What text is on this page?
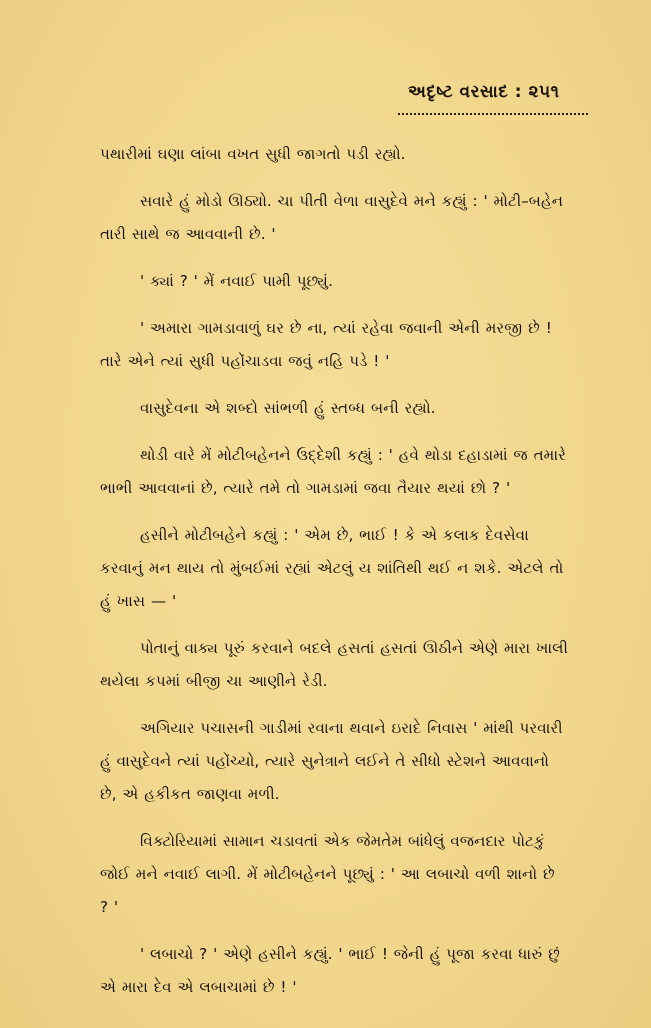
અદૃષ્ટ વરસાદ : ૨૫૧

પથારીમાં ઘણા લાંબા વખત સુધી જાગતો પડી રહ્યો.

સવારે હું મોડો ઊઠ્યો. ચા પીતી વેળા વાસુદેવે મને કહ્યું : ' મોટી–બહેન તારી સાથે જ આવવાની છે. '

' ક્યાં ? ' મેં નવાઈ પામી પૂછ્યું.

' અમારા ગામડાવાળું ઘર છે ના, ત્યાં રહેવા જવાની એની મરજી છે ! તારે એને ત્યાં સુધી પહોંચાડવા જવું નહિ પડે ! '

વાસુદેવના એ શબ્દો સાંભળી હું સ્તબ્ધ બની રહ્યો.

થોડી વારે મેં મોટીબહેનને ઉદ્દેશી કહ્યું : ' હવે થોડા દહાડામાં જ તમારે ભાભી આવવાનાં છે, ત્યારે તમે તો ગામડામાં જવા તૈયાર થયાં છો ? '

હસીને મોટીબહેને કહ્યું : ' એમ છે, ભાઈ ! કે એ કલાક દેવસેવા કરવાનું મન થાય તો મુંબઈમાં રહ્યાં એટલું ય શાંતિથી થઈ ન શકે. એટલે તો હું ખાસ — '

પોતાનું વાક્ય પૂરું કરવાને બદલે હસતાં હસતાં ઊઠીને એણે મારા ખાલી થયેલા કપમાં બીજી ચા આણીને રેડી.

અગિયાર પચાસની ગાડીમાં રવાના થવાને ઇરાદે નિવાસ ' માંથી પરવારી હું વાસુદેવને ત્યાં પહોંચ્યો, ત્યારે સુનેત્રાને લઈને તે સીધો સ્ટેશને આવવાનો છે, એ હકીકત જાણવા મળી.

વિક્ટોરિયામાં સામાન ચડાવતાં એક જેમતેમ બાંધેલું વજનદાર પોટકું જોઈ મને નવાઈ લાગી. મેં મોટીબહેનને પૂછ્યું : ' આ લબાચો વળી શાનો છે ? '

' લબાચો ? ' એણે હસીને કહ્યું. ' ભાઈ ! જેની હું પૂજા કરવા ધારું છું એ મારા દેવ એ લબાચામાં છે ! '
